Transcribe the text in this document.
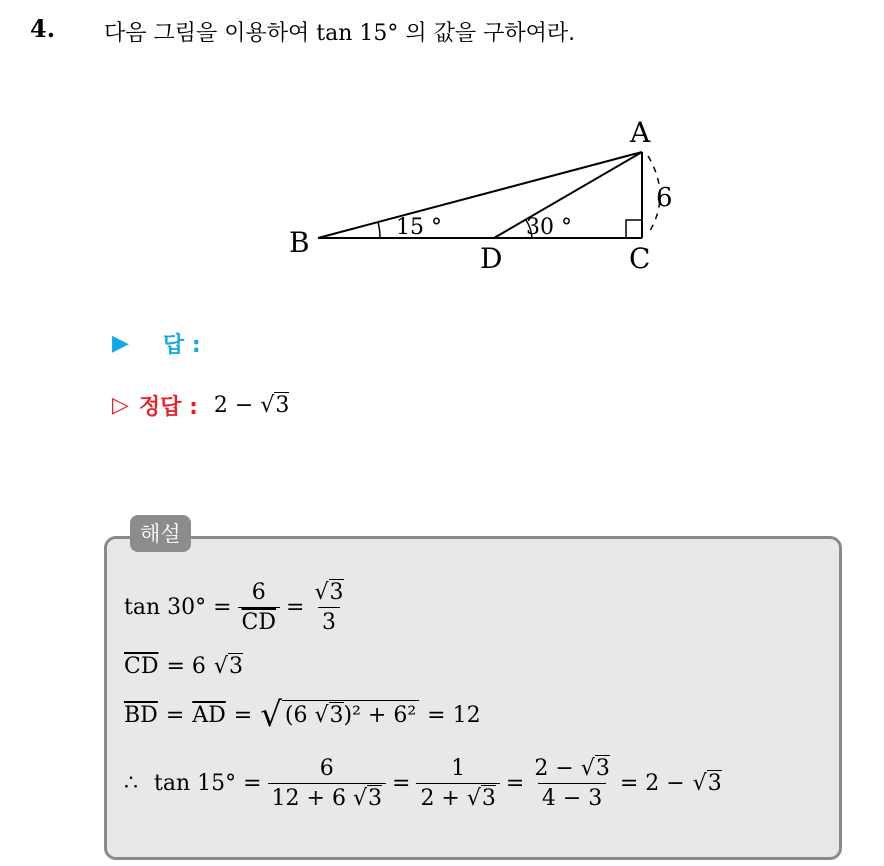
4. 다음 그림을 이용하여 tan 15° 의 값을 구하여라.
A
B	C
D
6
15 °	30 °
▶ 답 :
▷ 정답 : 2 − √3
해설
$\tan 30^\circ = \frac{6}{CD} = \frac{√3}{3}$
$\overline{CD} = 6$ √3
$\overline{BD} = \overline{AD}$ = √ (6 √3)² + 6² = 12
∴ $\tan 15^\circ = \frac{6}{12 + 6 √3} = \frac{1}{2 + √3} = \frac{2 - √3}{4 - 3} = 2 - √3$
